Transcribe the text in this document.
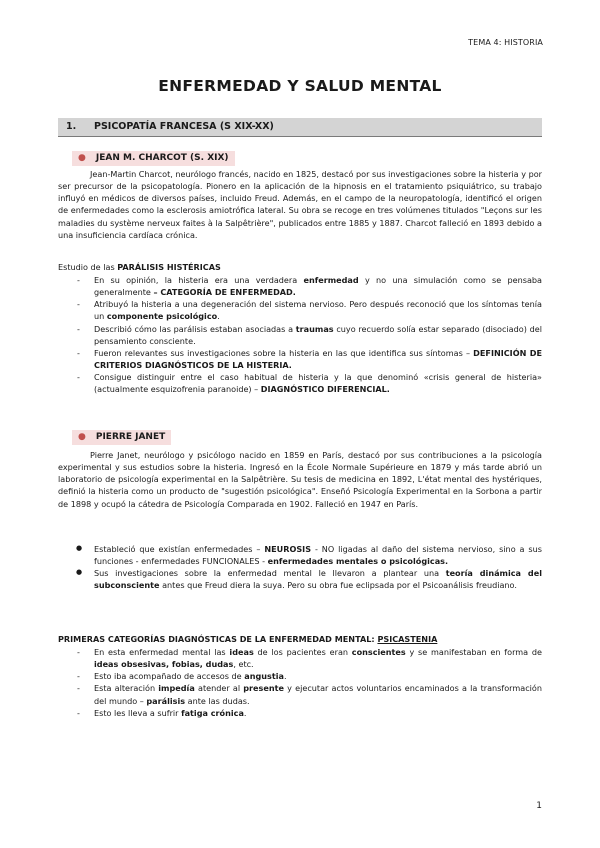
TEMA 4: HISTORIA
ENFERMEDAD Y SALUD MENTAL
1. PSICOPATÍA FRANCESA (S XIX-XX)
● JEAN M. CHARCOT (S. XIX)

Jean-Martin Charcot, neurólogo francés, nacido en 1825, destacó por sus investigaciones sobre la histeria y por ser precursor de la psicopatología. Pionero en la aplicación de la hipnosis en el tratamiento psiquiátrico, su trabajo influyó en médicos de diversos países, incluido Freud. Además, en el campo de la neuropatología, identificó el origen de enfermedades como la esclerosis amiotrófica lateral. Su obra se recoge en tres volúmenes titulados "Leçons sur les maladies du système nerveux faites à la Salpêtrière", publicados entre 1885 y 1887. Charcot falleció en 1893 debido a una insuficiencia cardíaca crónica.

Estudio de las PARÁLISIS HISTÉRICAS
- En su opinión, la histeria era una verdadera enfermedad y no una simulación como se pensaba generalmente – CATEGORÍA DE ENFERMEDAD.
- Atribuyó la histeria a una degeneración del sistema nervioso. Pero después reconoció que los síntomas tenía un componente psicológico.
- Describió cómo las parálisis estaban asociadas a traumas cuyo recuerdo solía estar separado (disociado) del pensamiento consciente.
- Fueron relevantes sus investigaciones sobre la histeria en las que identifica sus síntomas – DEFINICIÓN DE CRITERIOS DIAGNÓSTICOS DE LA HISTERIA.
- Consigue distinguir entre el caso habitual de histeria y la que denominó «crisis general de histeria» (actualmente esquizofrenia paranoide) – DIAGNÓSTICO DIFERENCIAL.
● PIERRE JANET

Pierre Janet, neurólogo y psicólogo nacido en 1859 en París, destacó por sus contribuciones a la psicología experimental y sus estudios sobre la histeria. Ingresó en la École Normale Supérieure en 1879 y más tarde abrió un laboratorio de psicología experimental en la Salpêtrière. Su tesis de medicina en 1892, L'état mental des hystériques, definió la histeria como un producto de "sugestión psicológica". Enseñó Psicología Experimental en la Sorbona a partir de 1898 y ocupó la cátedra de Psicología Comparada en 1902. Falleció en 1947 en París.

● Estableció que existían enfermedades – NEUROSIS - NO ligadas al daño del sistema nervioso, sino a sus funciones - enfermedades FUNCIONALES - enfermedades mentales o psicológicas.
● Sus investigaciones sobre la enfermedad mental le llevaron a plantear una teoría dinámica del subconsciente antes que Freud diera la suya. Pero su obra fue eclipsada por el Psicoanálisis freudiano.
PRIMERAS CATEGORÍAS DIAGNÓSTICAS DE LA ENFERMEDAD MENTAL: PSICASTENIA
- En esta enfermedad mental las ideas de los pacientes eran conscientes y se manifestaban en forma de ideas obsesivas, fobias, dudas, etc.
- Esto iba acompañado de accesos de angustia.
- Esta alteración impedía atender al presente y ejecutar actos voluntarios encaminados a la transformación del mundo – parálisis ante las dudas.
- Esto les lleva a sufrir fatiga crónica.
1
